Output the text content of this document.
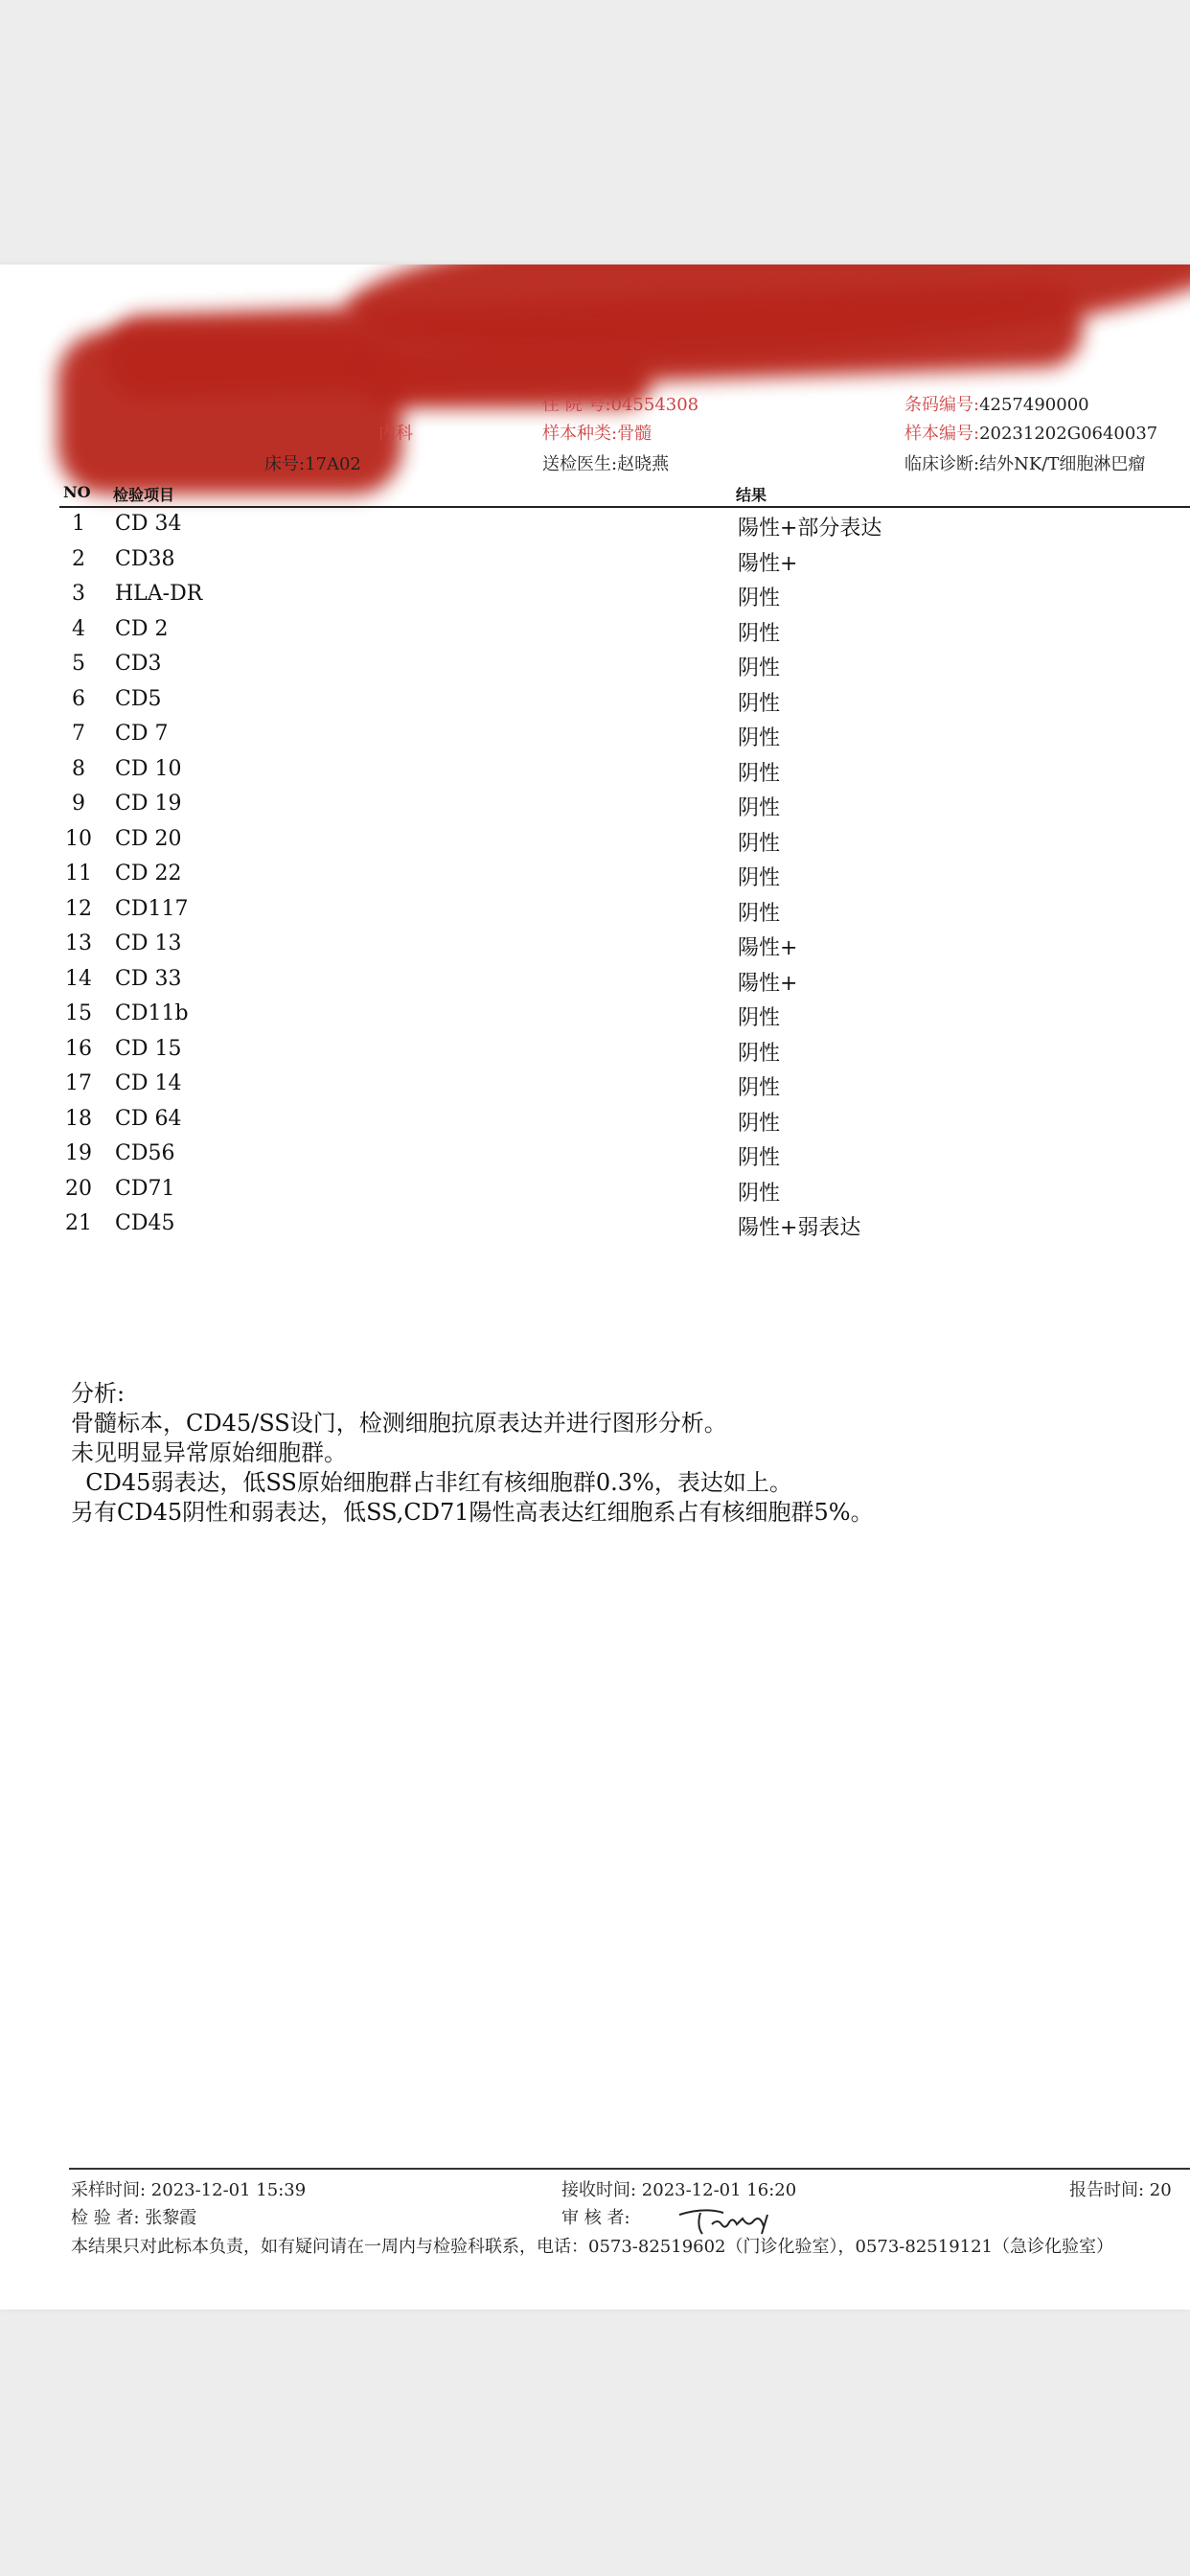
住 院 号:04554308	条码编号:4257490000
内科	样本种类:骨髓	样本编号:20231202G0640037
床号:17A02	送检医生:赵晓燕	临床诊断:结外NK/T细胞淋巴瘤
NO 检验项目	结果
1	CD 34	陽性+部分表达
2	CD38	陽性+
3	HLA-DR	阴性
4	CD 2	阴性
5	CD3	阴性
6	CD5	阴性
7	CD 7	阴性
8	CD 10	阴性
9	CD 19	阴性
10 CD 20	阴性
11 CD 22	阴性
12 CD117	阴性
13 CD 13	陽性+
14 CD 33	陽性+
15 CD11b	阴性
16 CD 15	阴性
17 CD 14	阴性
18 CD 64	阴性
19 CD56	阴性
20 CD71	阴性
21 CD45	陽性+弱表达
分析:
骨髓标本，CD45/SS设门，检测细胞抗原表达并进行图形分析。
未见明显异常原始细胞群。
CD45弱表达，低SS原始细胞群占非红有核细胞群0.3%，表达如上。
另有CD45阴性和弱表达，低SS,CD71陽性高表达红细胞系占有核细胞群5%。
采样时间: 2023-12-01 15:39	接收时间: 2023-12-01 16:20	报告时间: 20
检 验 者: 张黎霞	审 核 者:
本结果只对此标本负责，如有疑问请在一周内与检验科联系，电话：0573-82519602（门诊化验室），0573-82519121（急诊化验室）
